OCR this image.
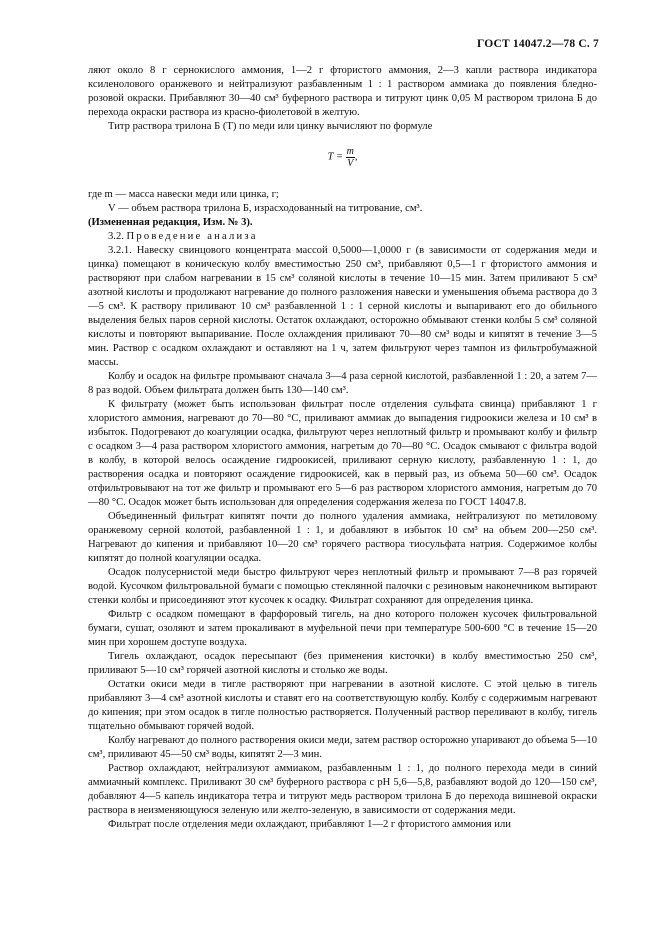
ГОСТ 14047.2—78 С. 7

ляют около 8 г сернокислого аммония, 1—2 г фтористого аммония, 2—3 капли раствора индикатора ксиленолового оранжевого и нейтрализуют разбавленным 1 : 1 раствором аммиака до появления бледно-розовой окраски. Прибавляют 30—40 см³ буферного раствора и титруют цинк 0,05 М раствором трилона Б до перехода окраски раствора из красно-фиолетовой в желтую.

Титр раствора трилона Б (Т) по меди или цинку вычисляют по формуле

$T = \frac{m}{V}$ ,

где m — масса навески меди или цинка, г;

V — объем раствора трилона Б, израсходованный на титрование, см³.

(Измененная редакция, Изм. № 3).

3.2. Проведение анализа

3.2.1. Навеску свинцового концентрата массой 0,5000—1,0000 г (в зависимости от содержания меди и цинка) помещают в коническую колбу вместимостью 250 см³, прибавляют 0,5—1 г фтористого аммония и растворяют при слабом нагревании в 15 см³ соляной кислоты в течение 10—15 мин. Затем приливают 5 см³ азотной кислоты и продолжают нагревание до полного разложения навески и уменьшения объема раствора до 3—5 см³. К раствору приливают 10 см³ разбавленной 1 : 1 серной кислоты и выпаривают его до обильного выделения белых паров серной кислоты. Остаток охлаждают, осторожно обмывают стенки колбы 5 см³ соляной кислоты и повторяют выпаривание. После охлаждения приливают 70—80 см³ воды и кипятят в течение 3—5 мин. Раствор с осадком охлаждают и оставляют на 1 ч, затем фильтруют через тампон из фильтробумажной массы.

Колбу и осадок на фильтре промывают сначала 3—4 раза серной кислотой, разбавленной 1 : 20, а затем 7—8 раз водой. Объем фильтрата должен быть 130—140 см³.

К фильтрату (может быть использован фильтрат после отделения сульфата свинца) прибавляют 1 г хлористого аммония, нагревают до 70—80 °С, приливают аммиак до выпадения гидроокиси железа и 10 см³ в избыток. Подогревают до коагуляции осадка, фильтруют через неплотный фильтр и промывают колбу и фильтр с осадком 3—4 раза раствором хлористого аммония, нагретым до 70—80 °С. Осадок смывают с фильтра водой в колбу, в которой велось осаждение гидроокисей, приливают серную кислоту, разбавленную 1 : 1, до растворения осадка и повторяют осаждение гидроокисей, как в первый раз, из объема 50—60 см³. Осадок отфильтровывают на тот же фильтр и промывают его 5—6 раз раствором хлористого аммония, нагретым до 70—80 °С. Осадок может быть использован для определения содержания железа по ГОСТ 14047.8.

Объединенный фильтрат кипятят почти до полного удаления аммиака, нейтрализуют по метиловому оранжевому серной колотой, разбавленной 1 : 1, и добавляют в избыток 10 см³ на объем 200—250 см³. Нагревают до кипения и прибавляют 10—20 см³ горячего раствора тиосульфата натрия. Содержимое колбы кипятят до полной коагуляции осадка.

Осадок полусернистой меди быстро фильтруют через неплотный фильтр и промывают 7—8 раз горячей водой. Кусочком фильтровальной бумаги с помощью стеклянной палочки с резиновым наконечником вытирают стенки колбы и присоединяют этот кусочек к осадку. Фильтрат сохраняют для определения цинка.

Фильтр с осадком помещают в фарфоровый тигель, на дно которого положен кусочек фильтровальной бумаги, сушат, озоляют и затем прокаливают в муфельной печи при температуре 500-600 °С в течение 15—20 мин при хорошем доступе воздуха.

Тигель охлаждают, осадок пересыпают (без применения кисточки) в колбу вместимостью 250 см³, приливают 5—10 см³ горячей азотной кислоты и столько же воды.

Остатки окиси меди в тигле растворяют при нагревании в азотной кислоте. С этой целью в тигель прибавляют 3—4 см³ азотной кислоты и ставят его на соответствующую колбу. Колбу с содержимым нагревают до кипения; при этом осадок в тигле полностью растворяется. Полученный раствор переливают в колбу, тигель тщательно обмывают горячей водой.

Колбу нагревают до полного растворения окиси меди, затем раствор осторожно упаривают до объема 5—10 см³, приливают 45—50 см³ воды, кипятят 2—3 мин.

Раствор охлаждают, нейтрализуют аммиаком, разбавленным 1 : 1, до полного перехода меди в синий аммиачный комплекс. Приливают 30 см³ буферного раствора с рН 5,6—5,8, разбавляют водой до 120—150 см³, добавляют 4—5 капель индикатора тетра и титруют медь раствором трилона Б до перехода вишневой окраски раствора в неизменяющуюся зеленую или желто-зеленую, в зависимости от содержания меди.

Фильтрат после отделения меди охлаждают, прибавляют 1—2 г фтористого аммония или
